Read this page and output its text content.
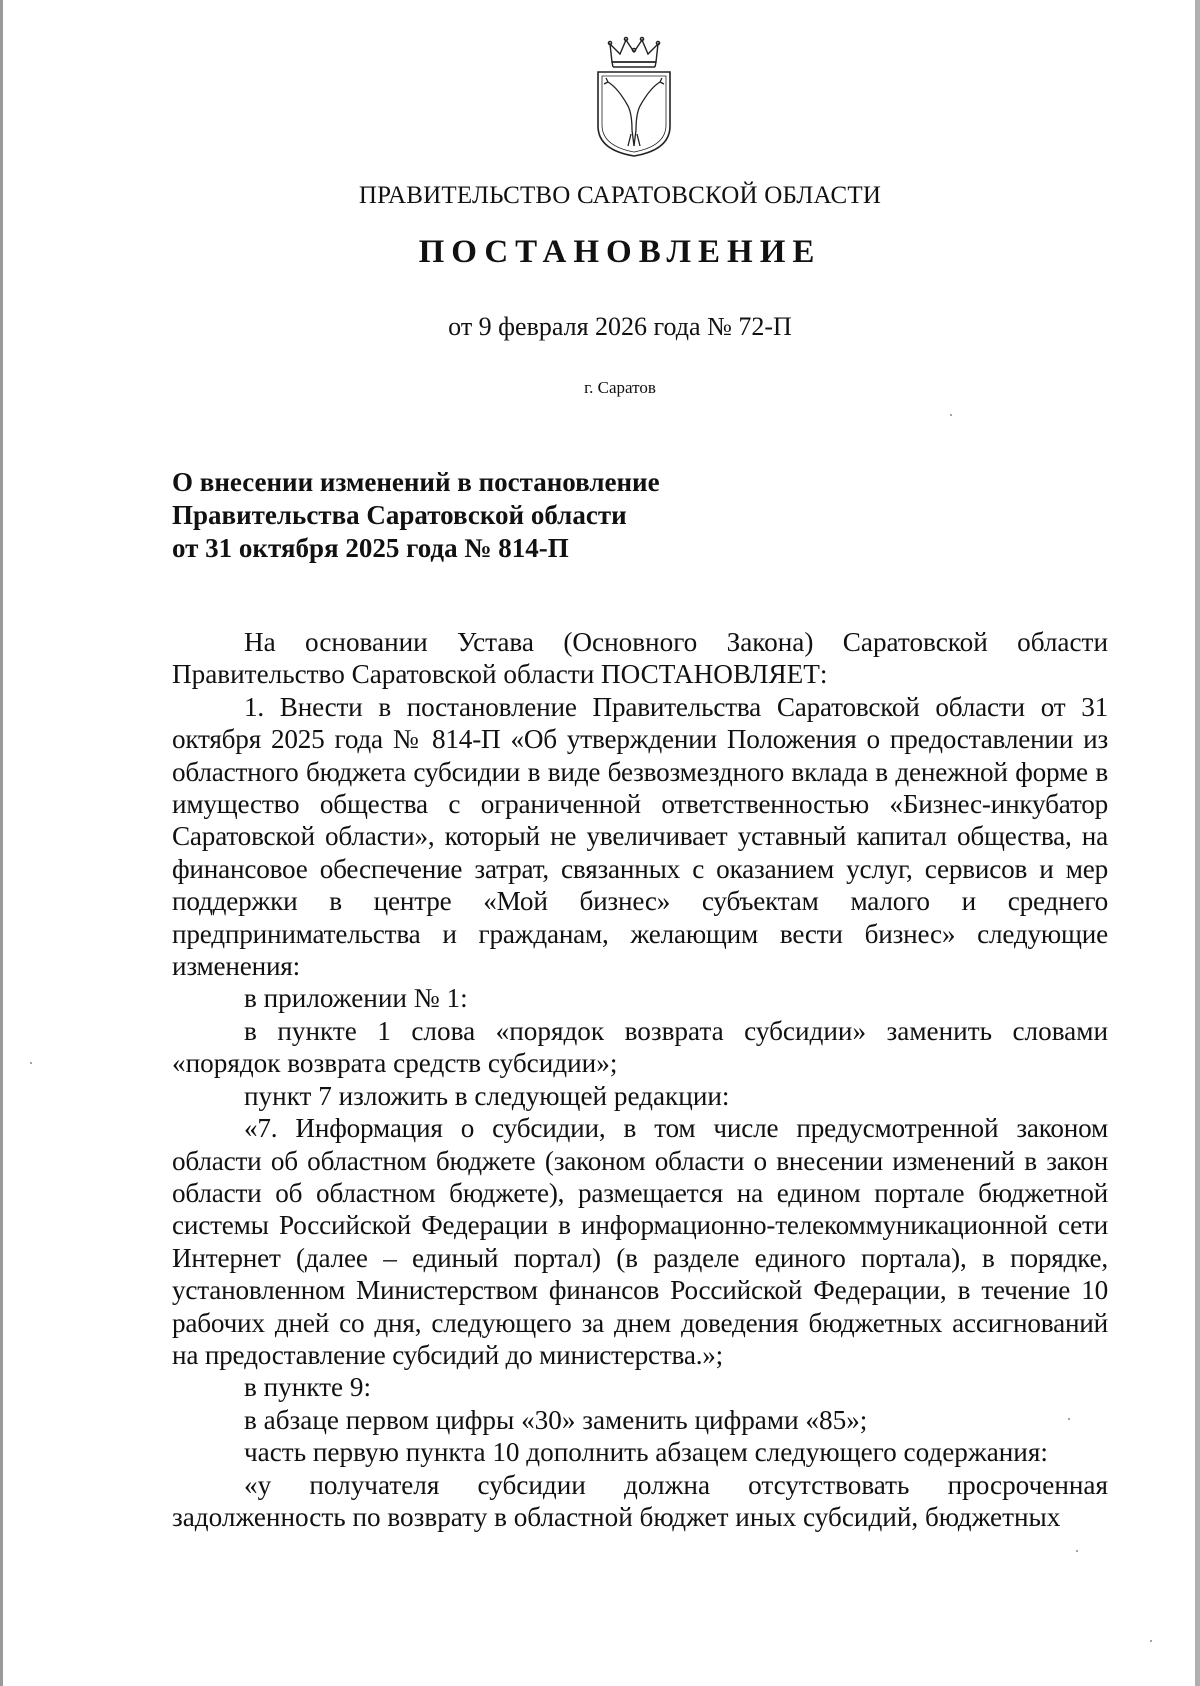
ПРАВИТЕЛЬСТВО САРАТОВСКОЙ ОБЛАСТИ
ПОСТАНОВЛЕНИЕ
от 9 февраля 2026 года № 72-П
г. Саратов
О внесении изменений в постановление
Правительства Саратовской области
от 31 октября 2025 года № 814-П

На основании Устава (Основного Закона) Саратовской области Правительство Саратовской области ПОСТАНОВЛЯЕТ:

1. Внести в постановление Правительства Саратовской области от 31 октября 2025 года № 814-П «Об утверждении Положения о предоставлении из областного бюджета субсидии в виде безвозмездного вклада в денежной форме в имущество общества с ограниченной ответственностью «Бизнес-инкубатор Саратовской области», который не увеличивает уставный капитал общества, на финансовое обеспечение затрат, связанных с оказанием услуг, сервисов и мер поддержки в центре «Мой бизнес» субъектам малого и среднего предпринимательства и гражданам, желающим вести бизнес» следующие изменения:

в приложении № 1:

в пункте 1 слова «порядок возврата субсидии» заменить словами «порядок возврата средств субсидии»;

пункт 7 изложить в следующей редакции:

«7. Информация о субсидии, в том числе предусмотренной законом области об областном бюджете (законом области о внесении изменений в закон области об областном бюджете), размещается на едином портале бюджетной системы Российской Федерации в информационно-телекоммуникационной сети Интернет (далее – единый портал) (в разделе единого портала), в порядке, установленном Министерством финансов Российской Федерации, в течение 10 рабочих дней со дня, следующего за днем доведения бюджетных ассигнований на предоставление субсидий до министерства.»;

в пункте 9:

в абзаце первом цифры «30» заменить цифрами «85»;

часть первую пункта 10 дополнить абзацем следующего содержания:

«у получателя субсидии должна отсутствовать просроченная задолженность по возврату в областной бюджет иных субсидий, бюджетных
